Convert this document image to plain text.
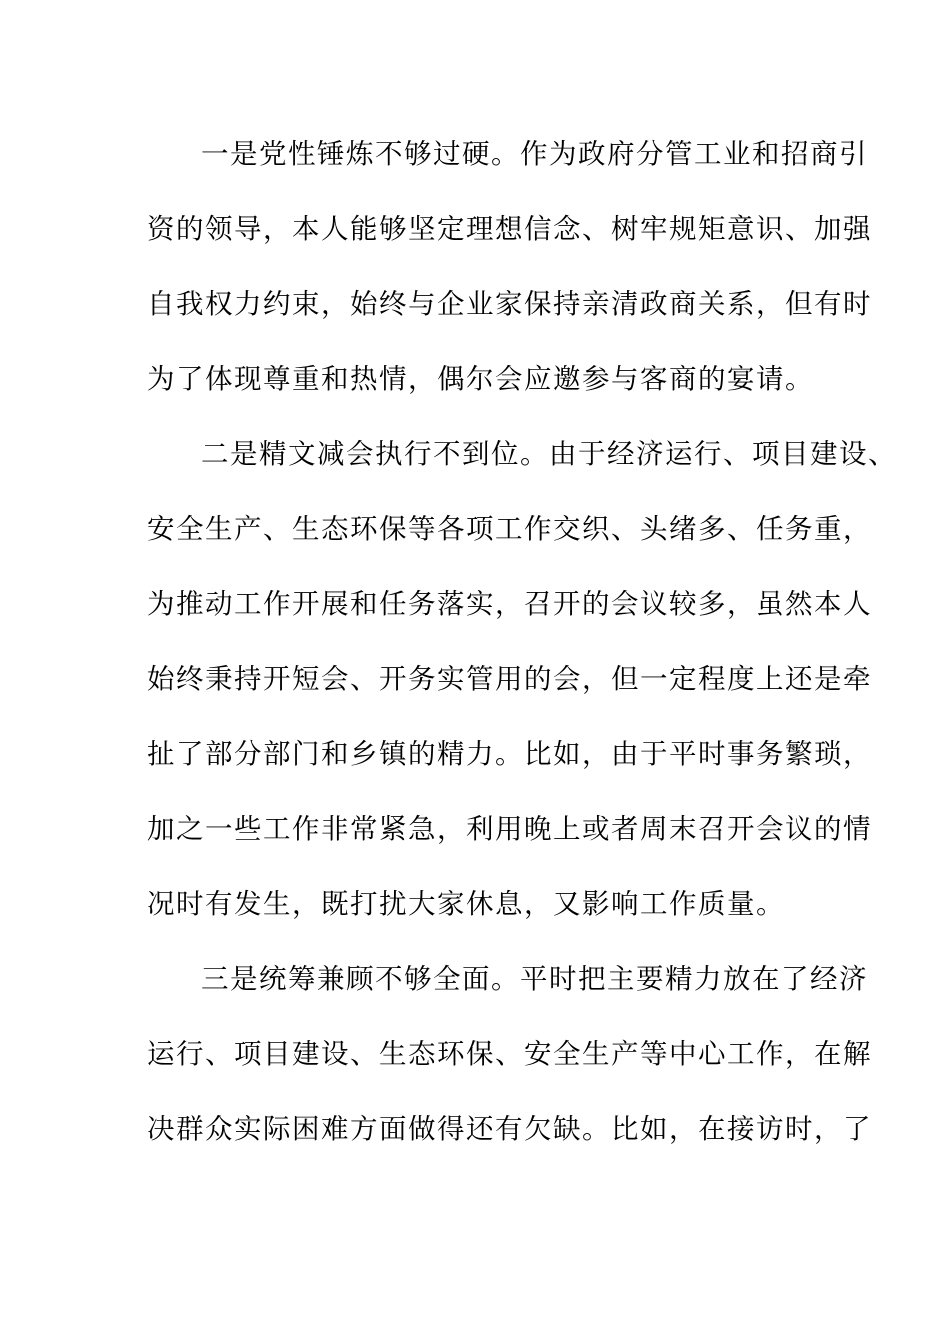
一是党性锤炼不够过硬。作为政府分管工业和招商引

资的领导，本人能够坚定理想信念、树牢规矩意识、加强

自我权力约束，始终与企业家保持亲清政商关系，但有时

为了体现尊重和热情，偶尔会应邀参与客商的宴请。

二是精文减会执行不到位。由于经济运行、项目建设、

安全生产、生态环保等各项工作交织、头绪多、任务重，

为推动工作开展和任务落实，召开的会议较多，虽然本人

始终秉持开短会、开务实管用的会，但一定程度上还是牵

扯了部分部门和乡镇的精力。比如，由于平时事务繁琐，

加之一些工作非常紧急，利用晚上或者周末召开会议的情

况时有发生，既打扰大家休息，又影响工作质量。

三是统筹兼顾不够全面。平时把主要精力放在了经济

运行、项目建设、生态环保、安全生产等中心工作，在解

决群众实际困难方面做得还有欠缺。比如，在接访时，了
